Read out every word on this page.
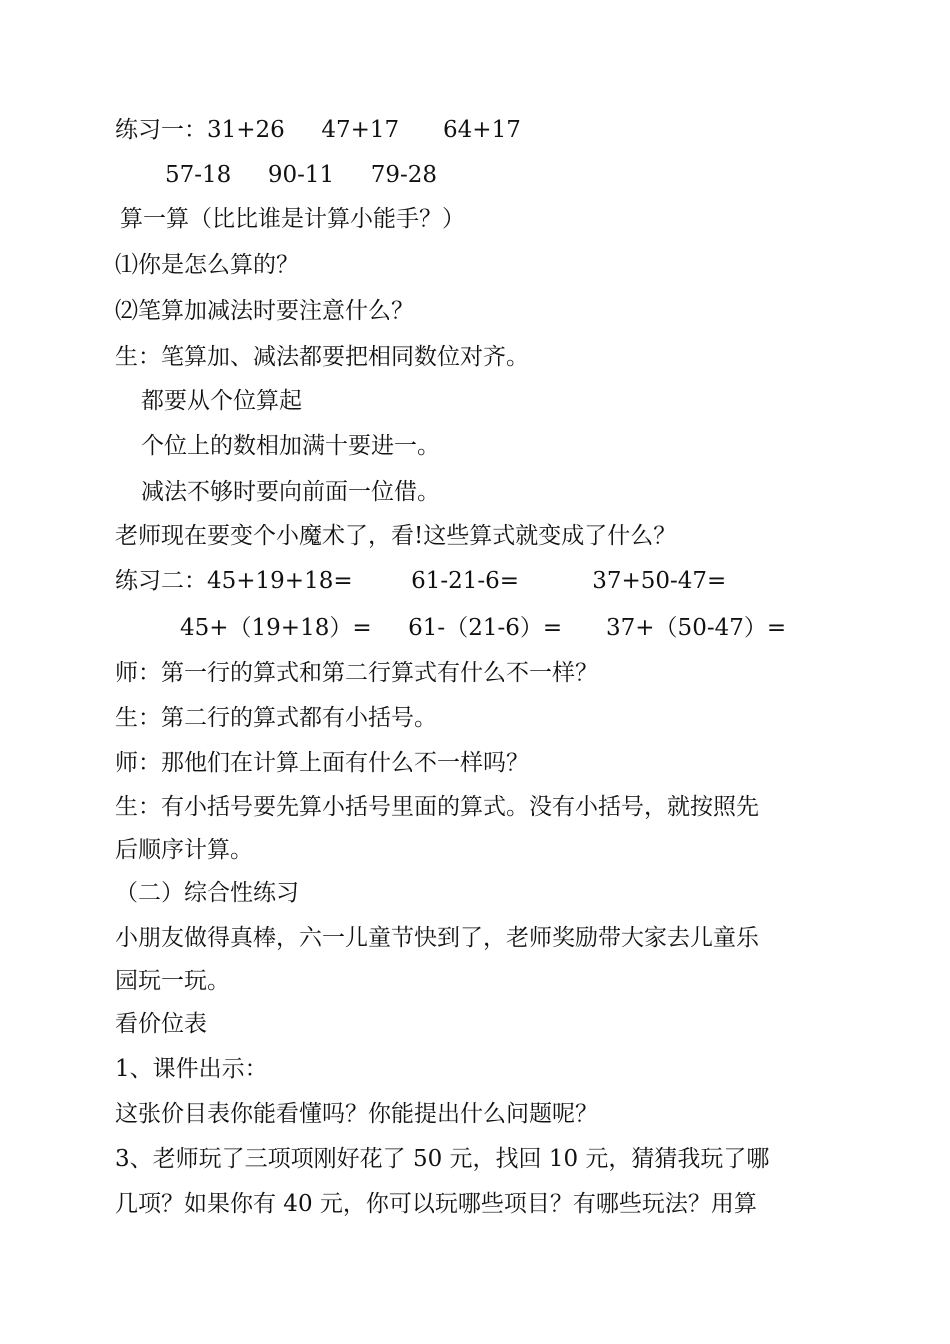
练习一：31+26     47+17      64+17

57-18     90-11     79-28

算一算（比比谁是计算小能手？）

⑴你是怎么算的？

⑵笔算加减法时要注意什么？

生：笔算加、减法都要把相同数位对齐。

都要从个位算起

个位上的数相加满十要进一。

减法不够时要向前面一位借。

老师现在要变个小魔术了，看!这些算式就变成了什么？

练习二：45+19+18=        61-21-6=          37+50-47=

45+（19+18）=     61-（21-6）=      37+（50-47）=

师：第一行的算式和第二行算式有什么不一样？

生：第二行的算式都有小括号。

师：那他们在计算上面有什么不一样吗？

生：有小括号要先算小括号里面的算式。没有小括号，就按照先

后顺序计算。

（二）综合性练习

小朋友做得真棒，六一儿童节快到了，老师奖励带大家去儿童乐

园玩一玩。

看价位表

1、课件出示：

这张价目表你能看懂吗？你能提出什么问题呢？

3、老师玩了三项项刚好花了 50 元，找回 10 元，猜猜我玩了哪

几项？如果你有 40 元，你可以玩哪些项目？有哪些玩法？用算
